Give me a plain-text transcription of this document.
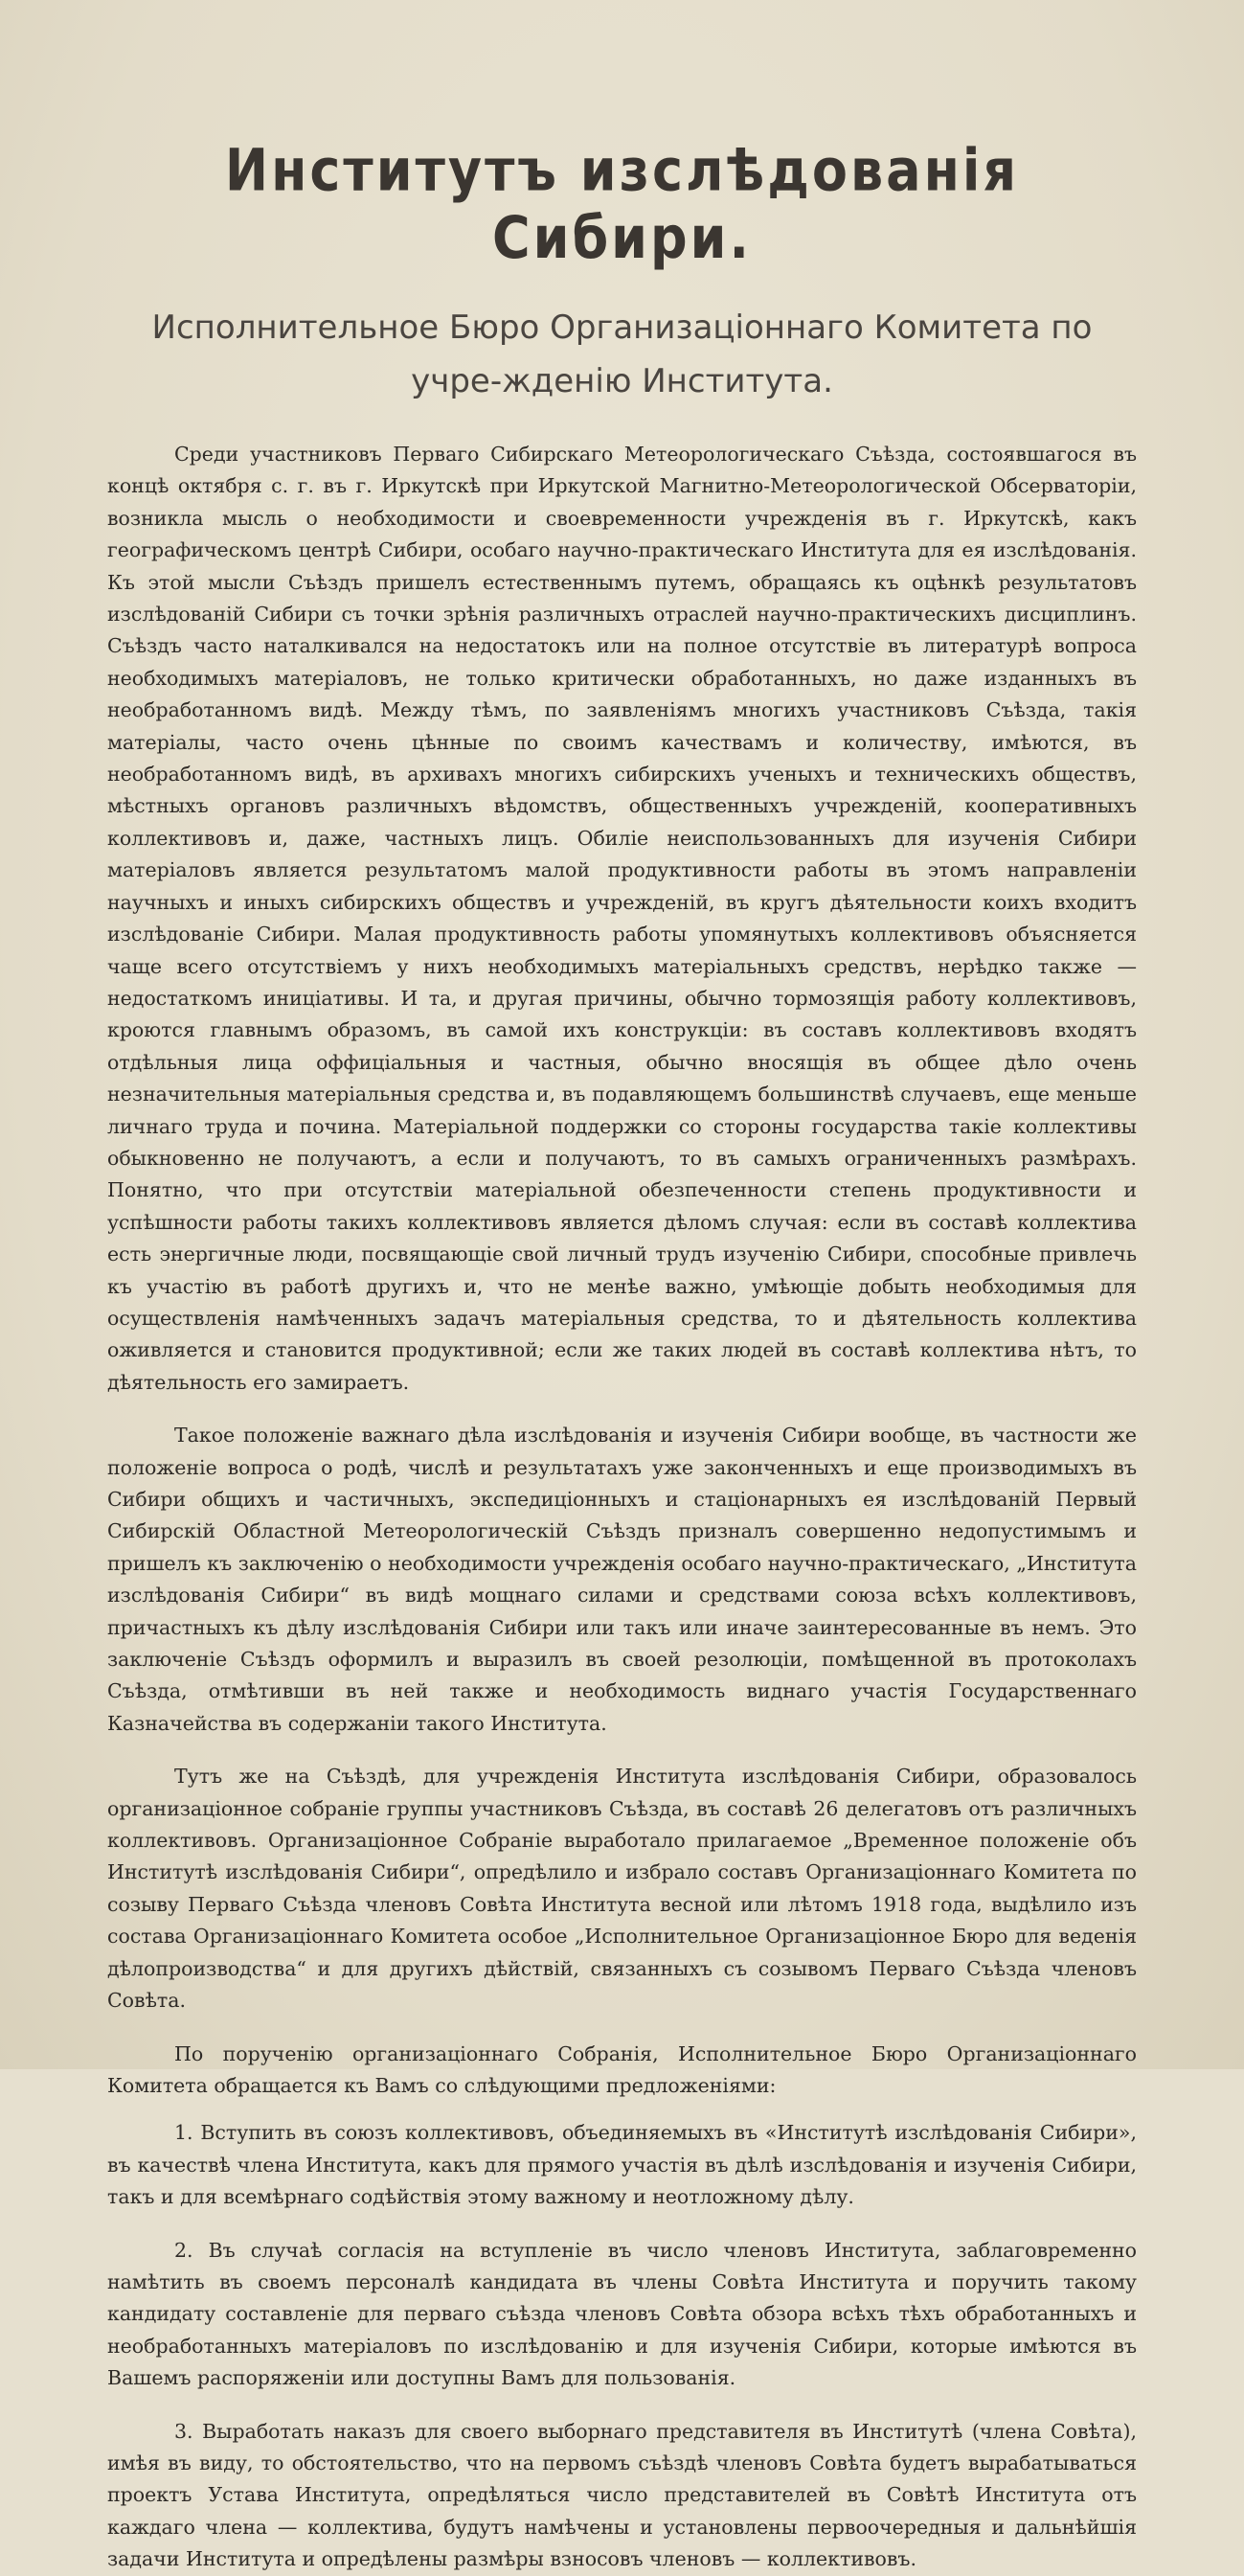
Институтъ изслѣдованія Сибири.
Исполнительное Бюро Организаціоннаго Комитета по учре-жденію Института.

Среди участниковъ Перваго Сибирскаго Метеорологическаго Съѣзда, состоявшагося въ концѣ октября с. г. въ г. Иркутскѣ при Иркутской Магнитно-Метеорологической Обсерваторіи, возникла мысль о необходимости и своевременности учрежденія въ г. Иркутскѣ, какъ географическомъ центрѣ Сибири, особаго научно-практическаго Института для ея изслѣдованія. Къ этой мысли Съѣздъ пришелъ естественнымъ путемъ, обращаясь къ оцѣнкѣ результатовъ изслѣдованій Сибири съ точки зрѣнія различныхъ отраслей научно-практическихъ дисциплинъ. Съѣздъ часто наталкивался на недостатокъ или на полное отсутствіе въ литературѣ вопроса необходимыхъ матеріаловъ, не только критически обработанныхъ, но даже изданныхъ въ необработанномъ видѣ. Между тѣмъ, по заявленіямъ многихъ участниковъ Съѣзда, такія матеріалы, часто очень цѣнные по своимъ качествамъ и количеству, имѣются, въ необработанномъ видѣ, въ архивахъ многихъ сибирскихъ ученыхъ и техническихъ обществъ, мѣстныхъ органовъ различныхъ вѣдомствъ, общественныхъ учрежденій, кооперативныхъ коллективовъ и, даже, частныхъ лицъ. Обиліе неиспользованныхъ для изученія Сибири матеріаловъ является результатомъ малой продуктивности работы въ этомъ направленіи научныхъ и иныхъ сибирскихъ обществъ и учрежденій, въ кругъ дѣятельности коихъ входитъ изслѣдованіе Сибири. Малая продуктивность работы упомянутыхъ коллективовъ объясняется чаще всего отсутствіемъ у нихъ необходимыхъ матеріальныхъ средствъ, нерѣдко также — недостаткомъ иниціативы. И та, и другая причины, обычно тормозящія работу коллективовъ, кроются главнымъ образомъ, въ самой ихъ конструкціи: въ составъ коллективовъ входятъ отдѣльныя лица оффиціальныя и частныя, обычно вносящія въ общее дѣло очень незначительныя матеріальныя средства и, въ подавляющемъ большинствѣ случаевъ, еще меньше личнаго труда и почина. Матеріальной поддержки со стороны государства такіе коллективы обыкновенно не получаютъ, а если и получаютъ, то въ самыхъ ограниченныхъ размѣрахъ. Понятно, что при отсутствіи матеріальной обезпеченности степень продуктивности и успѣшности работы такихъ коллективовъ является дѣломъ случая: если въ составѣ коллектива есть энергичные люди, посвящающіе свой личный трудъ изученію Сибири, способные привлечь къ участію въ работѣ другихъ и, что не менѣе важно, умѣющіе добыть необходимыя для осуществленія намѣченныхъ задачъ матеріальныя средства, то и дѣятельность коллектива оживляется и становится продуктивной; если же таких людей въ составѣ коллектива нѣтъ, то дѣятельность его замираетъ.

Такое положеніе важнаго дѣла изслѣдованія и изученія Сибири вообще, въ частности же положеніе вопроса о родѣ, числѣ и результатахъ уже законченныхъ и еще производимыхъ въ Сибири общихъ и частичныхъ, экспедиціонныхъ и стаціонарныхъ ея изслѣдованій Первый Сибирскій Областной Метеорологическій Съѣздъ призналъ совершенно недопустимымъ и пришелъ къ заключенію о необходимости учрежденія особаго научно-практическаго, „Института изслѣдованія Сибири“ въ видѣ мощнаго силами и средствами союза всѣхъ коллективовъ, причастныхъ къ дѣлу изслѣдованія Сибири или такъ или иначе заинтересованные въ немъ. Это заключеніе Съѣздъ оформилъ и выразилъ въ своей резолюціи, помѣщенной въ протоколахъ Съѣзда, отмѣтивши въ ней также и необходимость виднаго участія Государственнаго Казначейства въ содержаніи такого Института.

Тутъ же на Съѣздѣ, для учрежденія Института изслѣдованія Сибири, образовалось организаціонное собраніе группы участниковъ Съѣзда, въ составѣ 26 делегатовъ отъ различныхъ коллективовъ. Организаціонное Собраніе выработало прилагаемое „Временное положеніе объ Институтѣ изслѣдованія Сибири“, опредѣлило и избрало составъ Организаціоннаго Комитета по созыву Перваго Съѣзда членовъ Совѣта Института весной или лѣтомъ 1918 года, выдѣлило изъ состава Организаціоннаго Комитета особое „Исполнительное Организаціонное Бюро для веденія дѣлопроизводства“ и для другихъ дѣйствій, связанныхъ съ созывомъ Перваго Съѣзда членовъ Совѣта.

По порученію организаціоннаго Собранія, Исполнительное Бюро Организаціоннаго Комитета обращается къ Вамъ со слѣдующими предложеніями:

1. Вступить въ союзъ коллективовъ, объединяемыхъ въ «Институтѣ изслѣдованія Сибири», въ качествѣ члена Института, какъ для прямого участія въ дѣлѣ изслѣдованія и изученія Сибири, такъ и для всемѣрнаго содѣйствія этому важному и неотложному дѣлу.

2. Въ случаѣ согласія на вступленіе въ число членовъ Института, заблаговременно намѣтить въ своемъ персоналѣ кандидата въ члены Совѣта Института и поручить такому кандидату составленіе для перваго съѣзда членовъ Совѣта обзора всѣхъ тѣхъ обработанныхъ и необработанныхъ матеріаловъ по изслѣдованію и для изученія Сибири, которые имѣются въ Вашемъ распоряженіи или доступны Вамъ для пользованія.

3. Выработать наказъ для своего выборнаго представителя въ Институтѣ (члена Совѣта), имѣя въ виду, то обстоятельство, что на первомъ съѣздѣ членовъ Совѣта будетъ вырабатываться проектъ Устава Института, опредѣляться число представителей въ Совѣтѣ Института отъ каждаго члена — коллектива, будутъ намѣчены и установлены первоочередныя и дальнѣйшія задачи Института и опредѣлены размѣры взносовъ членовъ — коллективовъ.
